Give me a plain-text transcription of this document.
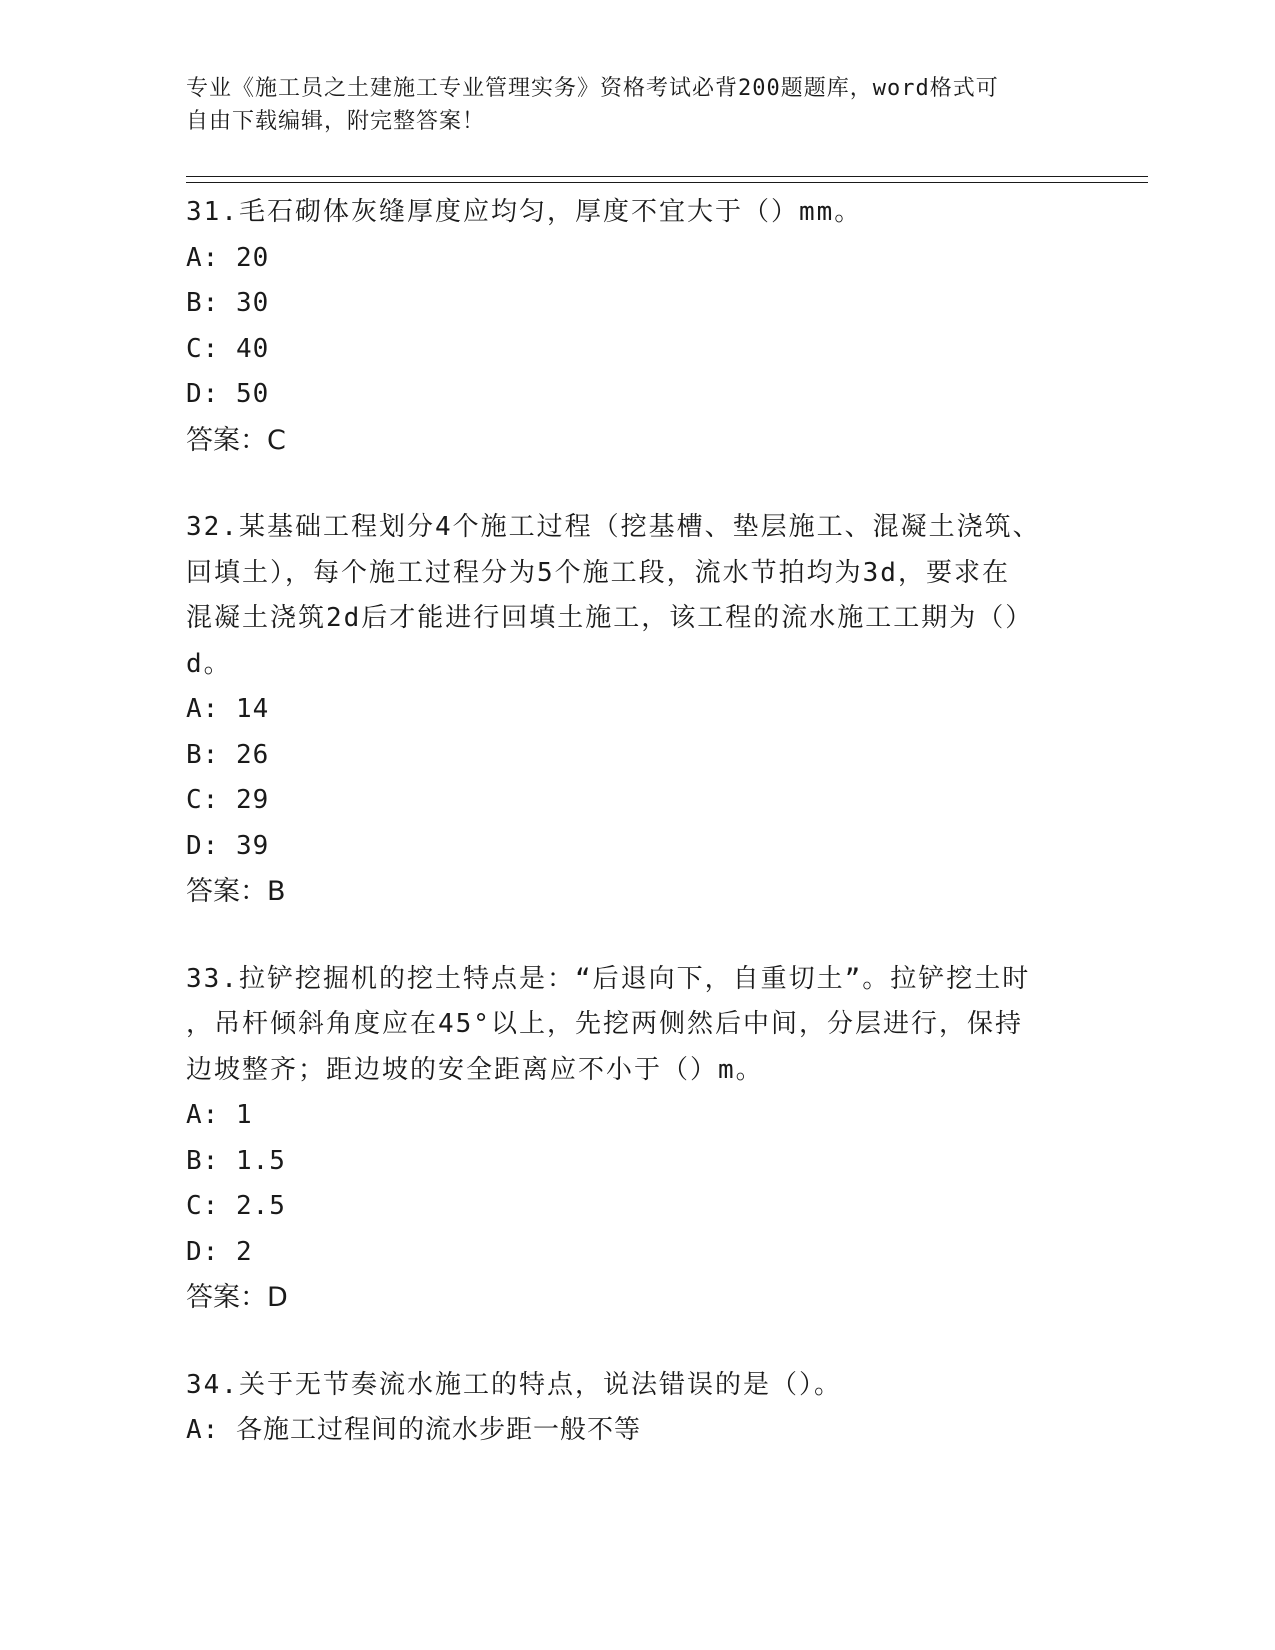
专业《施工员之土建施工专业管理实务》资格考试必背200题题库，word格式可
自由下载编辑，附完整答案！
31.毛石砌体灰缝厚度应均匀，厚度不宜大于（）mm。
A: 20
B: 30
C: 40
D: 50
答案：C
32.某基础工程划分4个施工过程（挖基槽、垫层施工、混凝土浇筑、
回填土），每个施工过程分为5个施工段，流水节拍均为3d，要求在
混凝土浇筑2d后才能进行回填土施工，该工程的流水施工工期为（）
d。
A: 14
B: 26
C: 29
D: 39
答案：B
33.拉铲挖掘机的挖土特点是：“后退向下，自重切土”。拉铲挖土时
，吊杆倾斜角度应在45°以上，先挖两侧然后中间，分层进行，保持
边坡整齐；距边坡的安全距离应不小于（）m。
A: 1
B: 1.5
C: 2.5
D: 2
答案：D
34.关于无节奏流水施工的特点，说法错误的是（）。
A: 各施工过程间的流水步距一般不等
